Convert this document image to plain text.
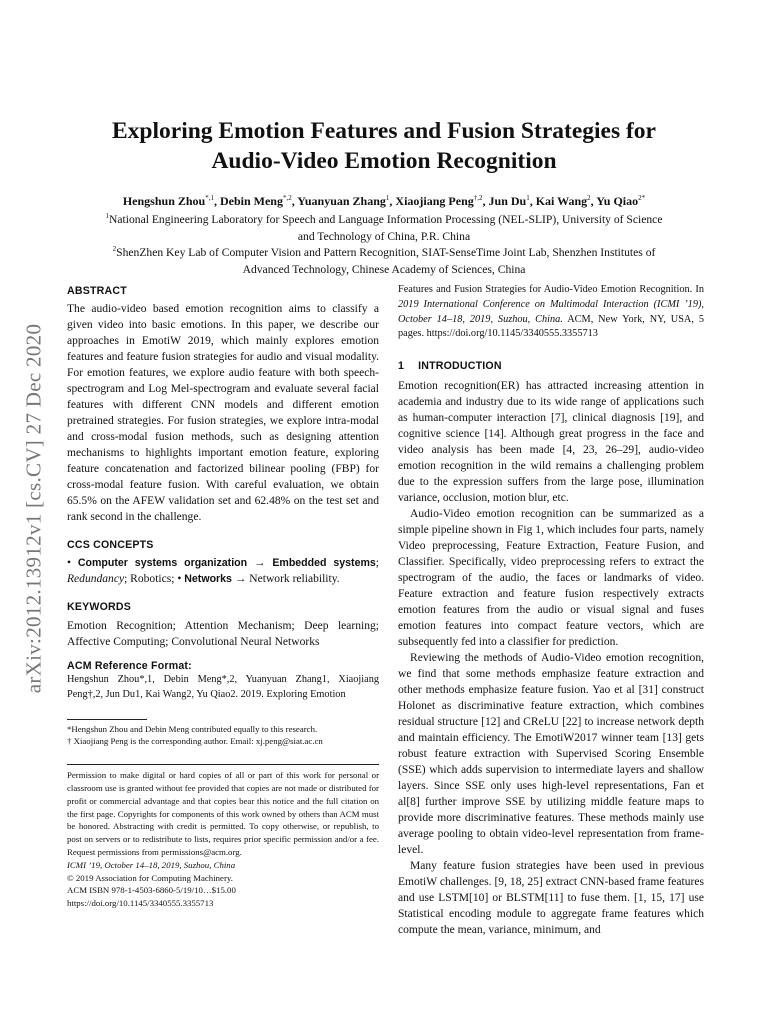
arXiv:2012.13912v1 [cs.CV] 27 Dec 2020
Exploring Emotion Features and Fusion Strategies for
Audio-Video Emotion Recognition
Hengshun Zhou$^{*,1}$, Debin Meng$^{*,2}$, Yuanyuan Zhang$^1$, Xiaojiang Peng$^{\dagger,2}$, Jun Du$^1$, Kai Wang$^2$, Yu Qiao$^{2*}$
$^1$National Engineering Laboratory for Speech and Language Information Processing (NEL-SLIP), University of Science
and Technology of China, P.R. China
$^2$ShenZhen Key Lab of Computer Vision and Pattern Recognition, SIAT-SenseTime Joint Lab, Shenzhen Institutes of
Advanced Technology, Chinese Academy of Sciences, China
ABSTRACT
The audio-video based emotion recognition aims to classify a given video into basic emotions. In this paper, we describe our approaches in EmotiW 2019, which mainly explores emotion features and feature fusion strategies for audio and visual modality. For emotion features, we explore audio feature with both speech-spectrogram and Log Mel-spectrogram and evaluate several facial features with different CNN models and different emotion pretrained strategies. For fusion strategies, we explore intra-modal and cross-modal fusion methods, such as designing attention mechanisms to highlights important emotion feature, exploring feature concatenation and factorized bilinear pooling (FBP) for cross-modal feature fusion. With careful evaluation, we obtain 65.5% on the AFEW validation set and 62.48% on the test set and rank second in the challenge.
CCS CONCEPTS
• Computer systems organization → Embedded systems; Redundancy; Robotics; • Networks → Network reliability.
KEYWORDS
Emotion Recognition; Attention Mechanism; Deep learning; Affective Computing; Convolutional Neural Networks
ACM Reference Format:
Hengshun Zhou*,1, Debin Meng*,2, Yuanyuan Zhang1, Xiaojiang Peng†,2, Jun Du1, Kai Wang2, Yu Qiao2. 2019. Exploring Emotion
*Hengshun Zhou and Debin Meng contributed equally to this research.
† Xiaojiang Peng is the corresponding author. Email: xj.peng@siat.ac.cn
Permission to make digital or hard copies of all or part of this work for personal or classroom use is granted without fee provided that copies are not made or distributed for profit or commercial advantage and that copies bear this notice and the full citation on the first page. Copyrights for components of this work owned by others than ACM must be honored. Abstracting with credit is permitted. To copy otherwise, or republish, to post on servers or to redistribute to lists, requires prior specific permission and/or a fee. Request permissions from permissions@acm.org.
ICMI ’19, October 14–18, 2019, Suzhou, China
© 2019 Association for Computing Machinery.
ACM ISBN 978-1-4503-6860-5/19/10…$15.00
https://doi.org/10.1145/3340555.3355713
Features and Fusion Strategies for Audio-Video Emotion Recognition. In 2019 International Conference on Multimodal Interaction (ICMI ’19), October 14–18, 2019, Suzhou, China. ACM, New York, NY, USA, 5 pages. https://doi.org/10.1145/3340555.3355713
1 INTRODUCTION

Emotion recognition(ER) has attracted increasing attention in academia and industry due to its wide range of applications such as human-computer interaction [7], clinical diagnosis [19], and cognitive science [14]. Although great progress in the face and video analysis has been made [4, 23, 26–29], audio-video emotion recognition in the wild remains a challenging problem due to the expression suffers from the large pose, illumination variance, occlusion, motion blur, etc.

Audio-Video emotion recognition can be summarized as a simple pipeline shown in Fig 1, which includes four parts, namely Video preprocessing, Feature Extraction, Feature Fusion, and Classifier. Specifically, video preprocessing refers to extract the spectrogram of the audio, the faces or landmarks of video. Feature extraction and feature fusion respectively extracts emotion features from the audio or visual signal and fuses emotion features into compact feature vectors, which are subsequently fed into a classifier for prediction.

Reviewing the methods of Audio-Video emotion recognition, we find that some methods emphasize feature extraction and other methods emphasize feature fusion. Yao et al [31] construct Holonet as discriminative feature extraction, which combines residual structure [12] and CReLU [22] to increase network depth and maintain efficiency. The EmotiW2017 winner team [13] gets robust feature extraction with Supervised Scoring Ensemble (SSE) which adds supervision to intermediate layers and shallow layers. Since SSE only uses high-level representations, Fan et al[8] further improve SSE by utilizing middle feature maps to provide more discriminative features. These methods mainly use average pooling to obtain video-level representation from frame-level.

Many feature fusion strategies have been used in previous EmotiW challenges. [9, 18, 25] extract CNN-based frame features and use LSTM[10] or BLSTM[11] to fuse them. [1, 15, 17] use Statistical encoding module to aggregate frame features which compute the mean, variance, minimum, and
